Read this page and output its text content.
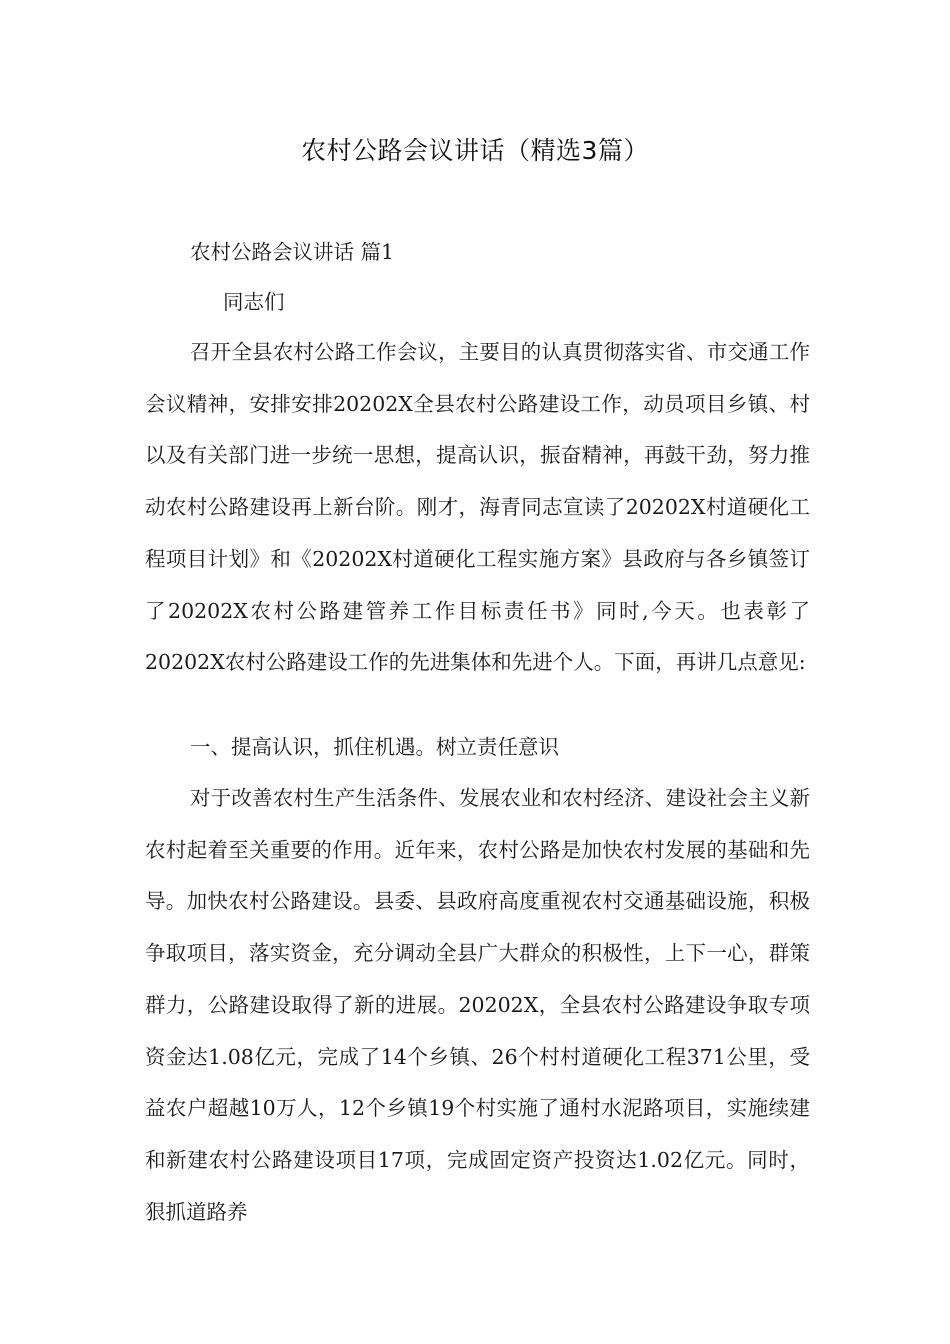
农村公路会议讲话（精选3篇）
农村公路会议讲话 篇1
同志们

召开全县农村公路工作会议，主要目的认真贯彻落实省、市交通工作会议精神，安排安排20202X全县农村公路建设工作，动员项目乡镇、村以及有关部门进一步统一思想，提高认识，振奋精神，再鼓干劲，努力推动农村公路建设再上新台阶。刚才，海青同志宣读了20202X村道硬化工程项目计划》和《20202X村道硬化工程实施方案》县政府与各乡镇签订了20202X农村公路建管养工作目标责任书》同时,今天。也表彰了20202X农村公路建设工作的先进集体和先进个人。下面，再讲几点意见:

一、提高认识，抓住机遇。树立责任意识

对于改善农村生产生活条件、发展农业和农村经济、建设社会主义新农村起着至关重要的作用。近年来，农村公路是加快农村发展的基础和先导。加快农村公路建设。县委、县政府高度重视农村交通基础设施，积极争取项目，落实资金，充分调动全县广大群众的积极性，上下一心，群策群力，公路建设取得了新的进展。20202X，全县农村公路建设争取专项资金达1.08亿元，完成了14个乡镇、26个村村道硬化工程371公里，受益农户超越10万人，12个乡镇19个村实施了通村水泥路项目，实施续建和新建农村公路建设项目17项，完成固定资产投资达1.02亿元。同时，狠抓道路养
